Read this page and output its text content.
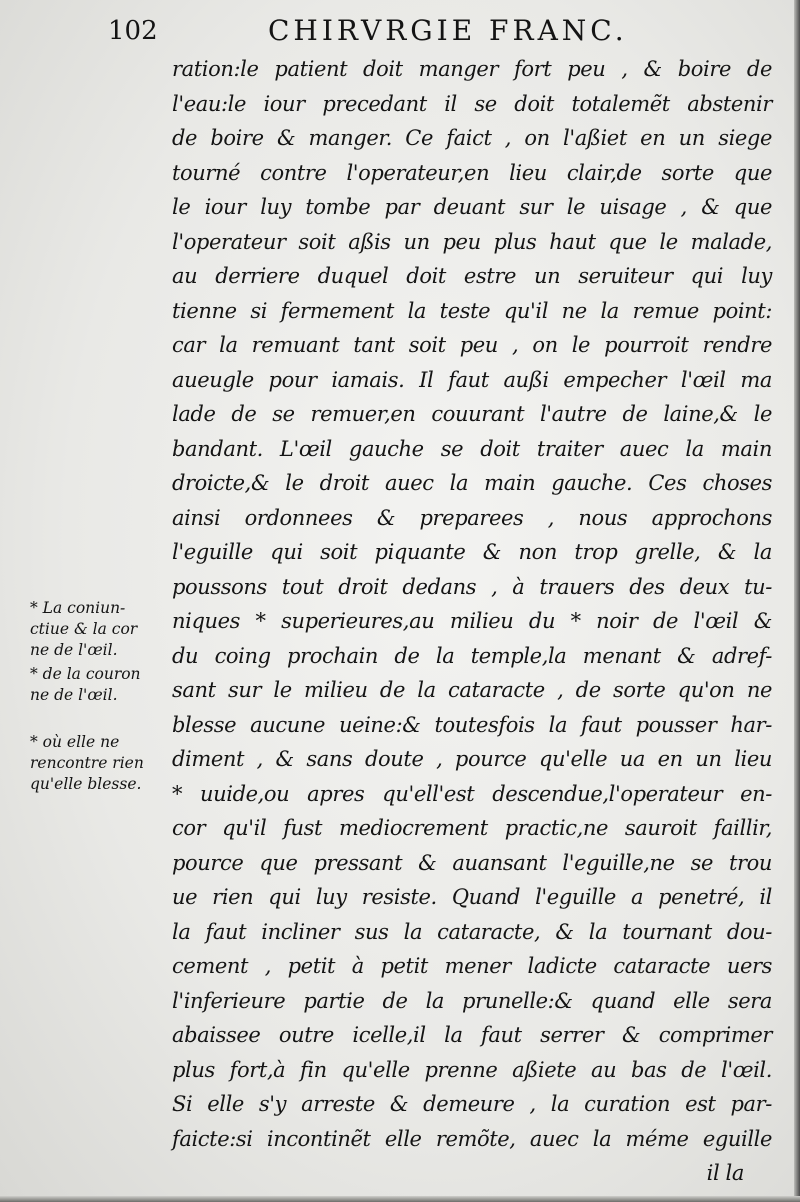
102	CHIRVRGIE FRANC.
ration:le patient doit manger fort peu , & boire de
l'eau:le iour precedant il se doit totalemẽt abstenir
de boire & manger. Ce faict , on l'aßiet en un siege
tourné contre l'operateur,en lieu clair,de sorte que
le iour luy tombe par deuant sur le uisage , & que
l'operateur soit aßis un peu plus haut que le malade,
au derriere duquel doit estre un seruiteur qui luy
tienne si fermement la teste qu'il ne la remue point:
car la remuant tant soit peu , on le pourroit rendre
aueugle pour iamais. Il faut außi empecher l'œil ma
lade de se remuer,en couurant l'autre de laine,& le
bandant. L'œil gauche se doit traiter auec la main
droicte,& le droit auec la main gauche. Ces choses
ainsi ordonnees & preparees , nous approchons
l'eguille qui soit piquante & non trop grelle, & la
poussons tout droit dedans , à trauers des deux tu-
niques * superieures,au milieu du * noir de l'œil &
du coing prochain de la temple,la menant & adref-
sant sur le milieu de la cataracte , de sorte qu'on ne
blesse aucune ueine:& toutesfois la faut pousser har-
diment , & sans doute , pource qu'elle ua en un lieu
* uuide,ou apres qu'ell'est descendue,l'operateur en-
cor qu'il fust mediocrement practic,ne sauroit faillir,
pource que pressant & auansant l'eguille,ne se trou
ue rien qui luy resiste. Quand l'eguille a penetré, il
la faut incliner sus la cataracte, & la tournant dou-
cement , petit à petit mener ladicte cataracte uers
l'inferieure partie de la prunelle:& quand elle sera
abaissee outre icelle,il la faut serrer & comprimer
plus fort,à fin qu'elle prenne aßiete au bas de l'œil.
Si elle s'y arreste & demeure , la curation est par-
faicte:si incontinẽt elle remõte, auec la méme eguille
il la
* La coniun-
ctiue & la cor
ne de l'œil.
* de la couron
ne de l'œil.
* où elle ne
rencontre rien
qu'elle blesse.
